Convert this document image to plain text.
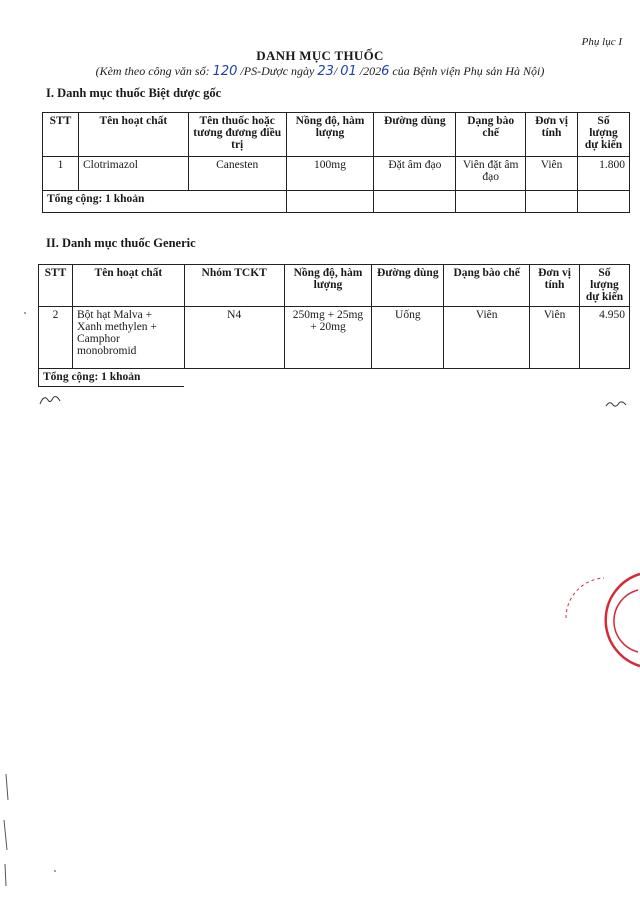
Phụ lục I
DANH MỤC THUỐC
(Kèm theo công văn số: 120 /PS-Dược ngày 23/ 01 /2026 của Bệnh viện Phụ sản Hà Nội)
I. Danh mục thuốc Biệt dược gốc
STT	Tên hoạt chất	Tên thuốc hoặc tương đương điều trị	Nồng độ, hàm lượng	Đường dùng	Dạng bào chế	Đơn vị tính	Số lượng dự kiến
1	Clotrimazol	Canesten	100mg	Đặt âm đạo	Viên đặt âm đạo	Viên	1.800
Tổng cộng: 1 khoản							
II. Danh mục thuốc Generic
STT	Tên hoạt chất	Nhóm TCKT	Nồng độ, hàm lượng	Đường dùng	Dạng bào chế	Đơn vị tính	Số lượng dự kiến
2	Bột hạt Malva + Xanh methylen + Camphor monobromid	N4	250mg + 25mg + 20mg	Uống	Viên	Viên	4.950
Tổng cộng: 1 khoản							
